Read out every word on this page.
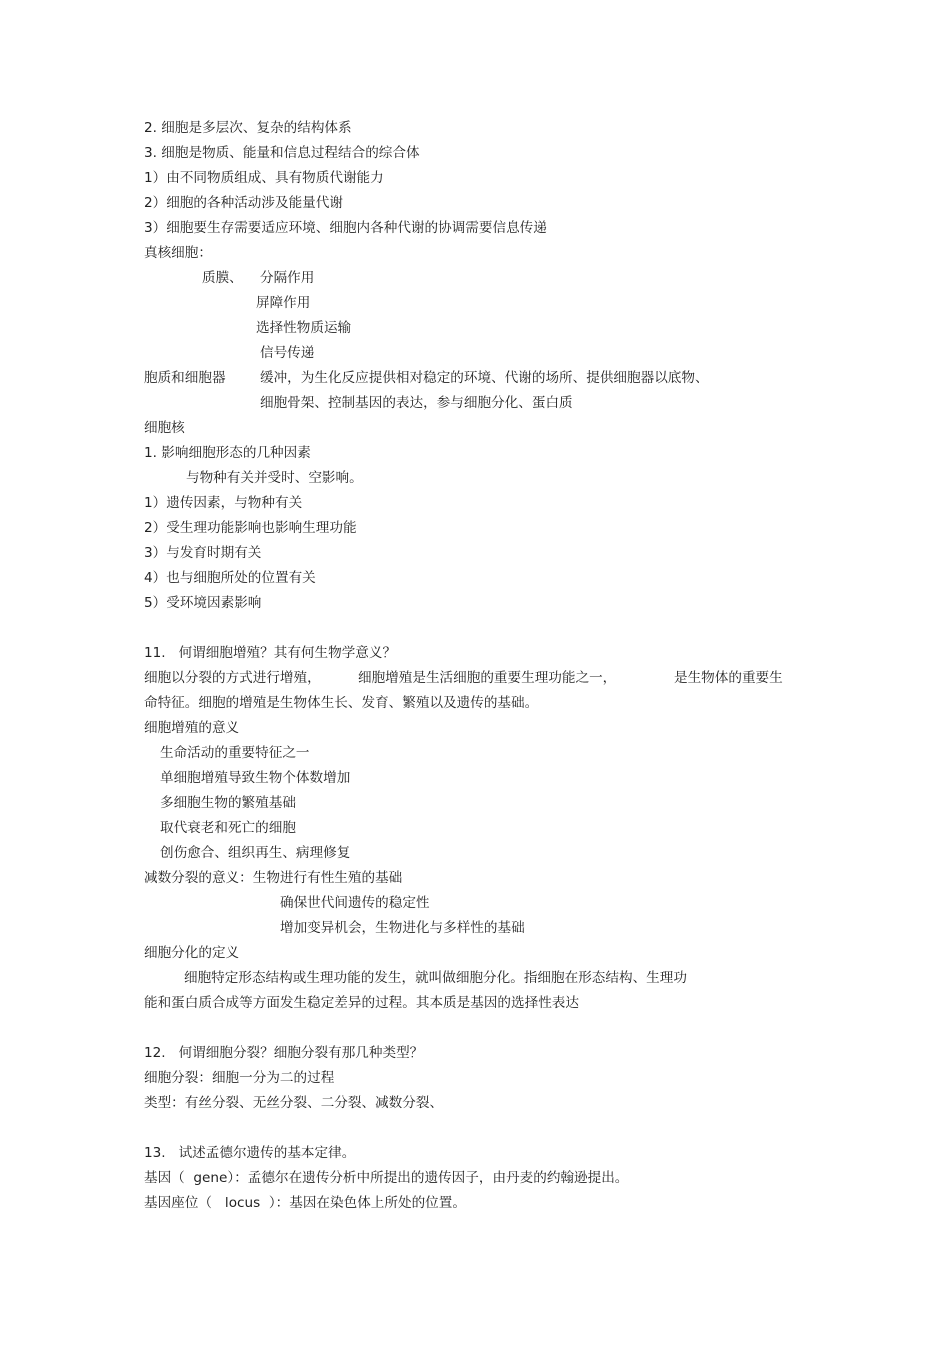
2. 细胞是多层次、复杂的结构体系
3. 细胞是物质、能量和信息过程结合的综合体
1）由不同物质组成、具有物质代谢能力
2）细胞的各种活动涉及能量代谢
3）细胞要生存需要适应环境、细胞内各种代谢的协调需要信息传递
真核细胞：
质膜、 分隔作用
屏障作用
选择性物质运输
信号传递
胞质和细胞器	缓冲，为生化反应提供相对稳定的环境、代谢的场所、提供细胞器以底物、
细胞骨架、控制基因的表达，参与细胞分化、蛋白质
细胞核
1. 影响细胞形态的几种因素
与物种有关并受时、空影响。
1）遗传因素，与物种有关
2）受生理功能影响也影响生理功能
3）与发育时期有关
4）也与细胞所处的位置有关
5）受环境因素影响
11.   何谓细胞增殖？其有何生物学意义？
细胞以分裂的方式进行增殖，	细胞增殖是生活细胞的重要生理功能之一，	是生物体的重要生
命特征。细胞的增殖是生物体生长、发育、繁殖以及遗传的基础。
细胞增殖的意义
生命活动的重要特征之一
单细胞增殖导致生物个体数增加
多细胞生物的繁殖基础
取代衰老和死亡的细胞
创伤愈合、组织再生、病理修复
减数分裂的意义：生物进行有性生殖的基础
确保世代间遗传的稳定性
增加变异机会，生物进化与多样性的基础
细胞分化的定义
细胞特定形态结构或生理功能的发生，就叫做细胞分化。指细胞在形态结构、生理功
能和蛋白质合成等方面发生稳定差异的过程。其本质是基因的选择性表达
12.   何谓细胞分裂？细胞分裂有那几种类型？
细胞分裂：细胞一分为二的过程
类型：有丝分裂、无丝分裂、二分裂、减数分裂、
13.   试述孟德尔遗传的基本定律。
基因（  gene）：孟德尔在遗传分析中所提出的遗传因子，由丹麦的约翰逊提出。
基因座位（   locus  ）：基因在染色体上所处的位置。
